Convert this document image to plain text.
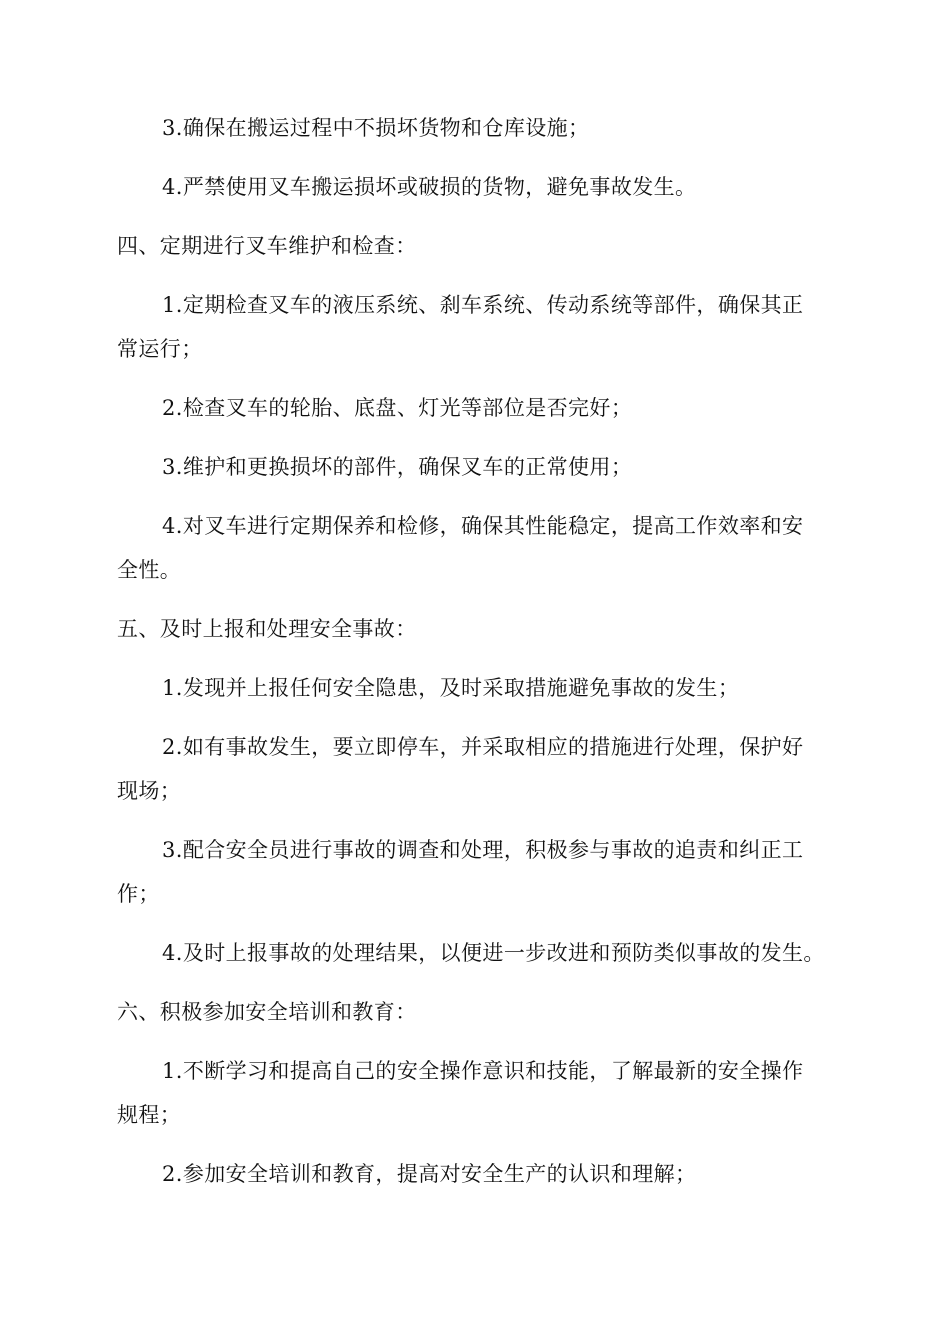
3.确保在搬运过程中不损坏货物和仓库设施；
4.严禁使用叉车搬运损坏或破损的货物，避免事故发生。
四、定期进行叉车维护和检查：
1.定期检查叉车的液压系统、刹车系统、传动系统等部件，确保其正
常运行；
2.检查叉车的轮胎、底盘、灯光等部位是否完好；
3.维护和更换损坏的部件，确保叉车的正常使用；
4.对叉车进行定期保养和检修，确保其性能稳定，提高工作效率和安
全性。
五、及时上报和处理安全事故：
1.发现并上报任何安全隐患，及时采取措施避免事故的发生；
2.如有事故发生，要立即停车，并采取相应的措施进行处理，保护好
现场；
3.配合安全员进行事故的调查和处理，积极参与事故的追责和纠正工
作；
4.及时上报事故的处理结果，以便进一步改进和预防类似事故的发生。
六、积极参加安全培训和教育：
1.不断学习和提高自己的安全操作意识和技能，了解最新的安全操作
规程；
2.参加安全培训和教育，提高对安全生产的认识和理解；
